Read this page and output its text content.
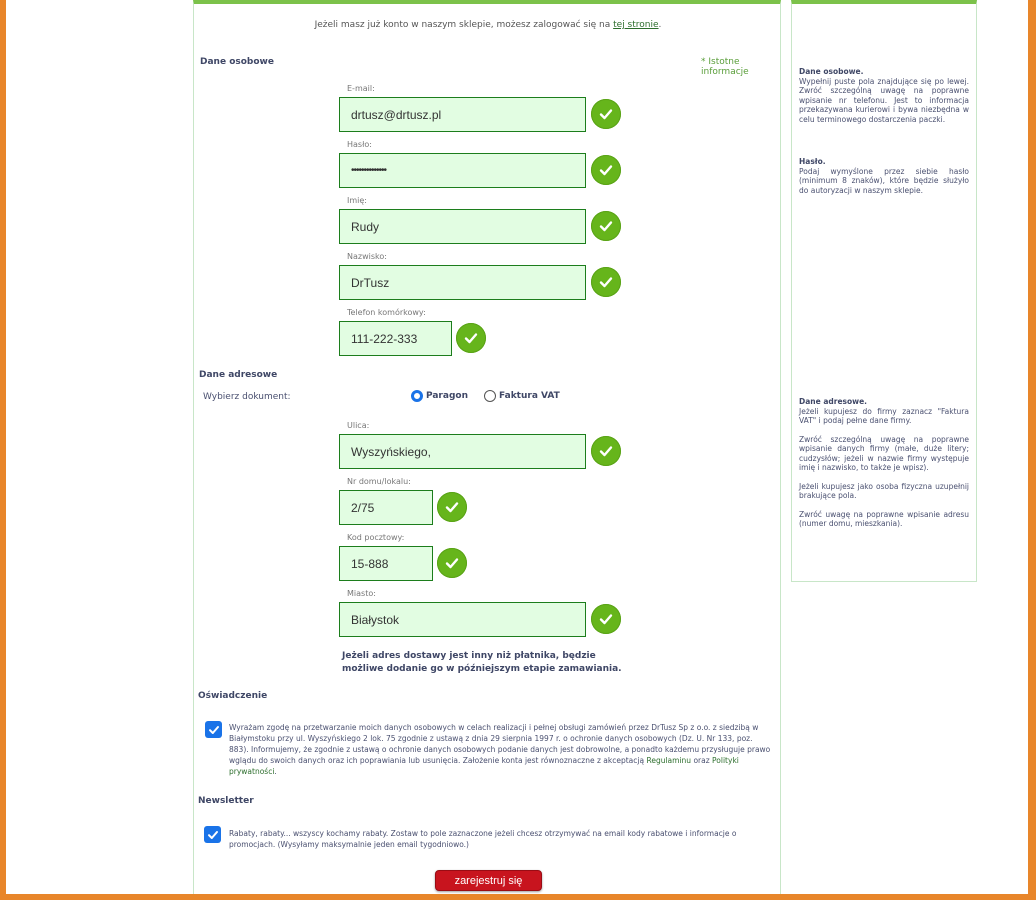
Jeżeli masz już konto w naszym sklepie, możesz zalogować się na tej stronie.
Dane osobowe	* Istotne informacje
E-mail:
drtusz@drtusz.pl
Hasło:
••••••••••••••
Imię:
Rudy
Nazwisko:
DrTusz
Telefon komórkowy:
111-222-333
Dane adresowe
Wybierz dokument:	Paragon	Faktura VAT
Ulica:
Wyszyńskiego,
Nr domu/lokalu:
2/75
Kod pocztowy:
15-888
Miasto:
Białystok
Jeżeli adres dostawy jest inny niż płatnika, będzie
możliwe dodanie go w późniejszym etapie zamawiania.
Oświadczenie
Wyrażam zgodę na przetwarzanie moich danych osobowych w celach realizacji i pełnej obsługi zamówień przez DrTusz Sp z o.o. z siedzibą w Białymstoku przy ul. Wyszyńskiego 2 lok. 75 zgodnie z ustawą z dnia 29 sierpnia 1997 r. o ochronie danych osobowych (Dz. U. Nr 133, poz. 883). Informujemy, że zgodnie z ustawą o ochronie danych osobowych podanie danych jest dobrowolne, a ponadto każdemu przysługuje prawo wglądu do swoich danych oraz ich poprawiania lub usunięcia. Założenie konta jest równoznaczne z akceptacją Regulaminu oraz Polityki prywatności.
Newsletter
Rabaty, rabaty... wszyscy kochamy rabaty. Zostaw to pole zaznaczone jeżeli chcesz otrzymywać na email kody rabatowe i informacje o promocjach. (Wysyłamy maksymalnie jeden email tygodniowo.)
zarejestruj się
Dane osobowe.
Wypełnij puste pola znajdujące się po lewej. Zwróć szczególną uwagę na poprawne wpisanie nr telefonu. Jest to informacja przekazywana kurierowi i bywa niezbędna w celu terminowego dostarczenia paczki.
Hasło.
Podaj wymyślone przez siebie hasło (minimum 8 znaków), które będzie służyło do autoryzacji w naszym sklepie.
Dane adresowe.
Jeżeli kupujesz do firmy zaznacz "Faktura VAT" i podaj pełne dane firmy.
Zwróć szczególną uwagę na poprawne wpisanie danych firmy (małe, duże litery; cudzysłów; jeżeli w nazwie firmy występuje imię i nazwisko, to także je wpisz).
Jeżeli kupujesz jako osoba fizyczna uzupełnij brakujące pola.
Zwróć uwagę na poprawne wpisanie adresu (numer domu, mieszkania).
